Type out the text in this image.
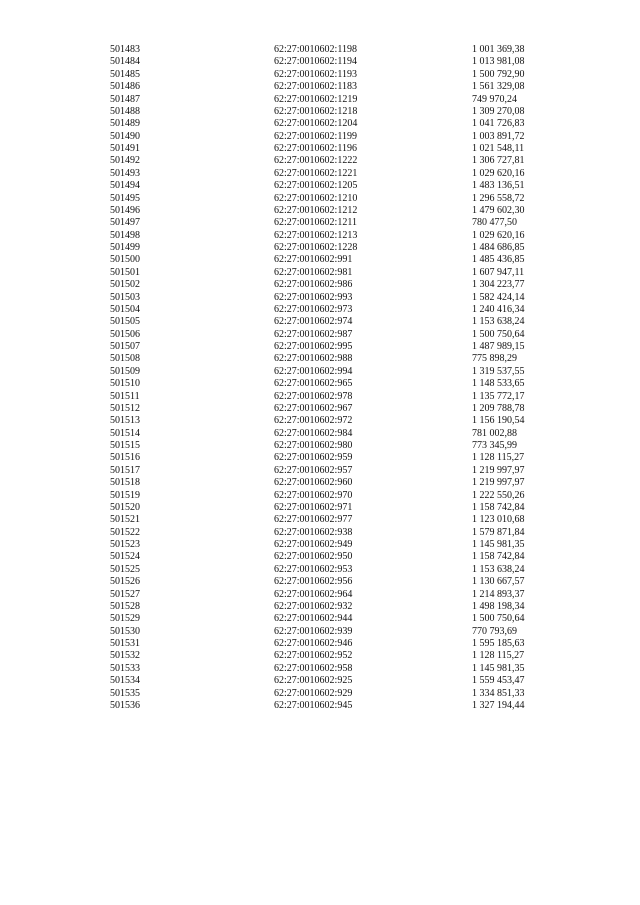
501483	62:27:0010602:1198	1 001 369,38
501484	62:27:0010602:1194	1 013 981,08
501485	62:27:0010602:1193	1 500 792,90
501486	62:27:0010602:1183	1 561 329,08
501487	62:27:0010602:1219	749 970,24
501488	62:27:0010602:1218	1 309 270,08
501489	62:27:0010602:1204	1 041 726,83
501490	62:27:0010602:1199	1 003 891,72
501491	62:27:0010602:1196	1 021 548,11
501492	62:27:0010602:1222	1 306 727,81
501493	62:27:0010602:1221	1 029 620,16
501494	62:27:0010602:1205	1 483 136,51
501495	62:27:0010602:1210	1 296 558,72
501496	62:27:0010602:1212	1 479 602,30
501497	62:27:0010602:1211	780 477,50
501498	62:27:0010602:1213	1 029 620,16
501499	62:27:0010602:1228	1 484 686,85
501500	62:27:0010602:991	1 485 436,85
501501	62:27:0010602:981	1 607 947,11
501502	62:27:0010602:986	1 304 223,77
501503	62:27:0010602:993	1 582 424,14
501504	62:27:0010602:973	1 240 416,34
501505	62:27:0010602:974	1 153 638,24
501506	62:27:0010602:987	1 500 750,64
501507	62:27:0010602:995	1 487 989,15
501508	62:27:0010602:988	775 898,29
501509	62:27:0010602:994	1 319 537,55
501510	62:27:0010602:965	1 148 533,65
501511	62:27:0010602:978	1 135 772,17
501512	62:27:0010602:967	1 209 788,78
501513	62:27:0010602:972	1 156 190,54
501514	62:27:0010602:984	781 002,88
501515	62:27:0010602:980	773 345,99
501516	62:27:0010602:959	1 128 115,27
501517	62:27:0010602:957	1 219 997,97
501518	62:27:0010602:960	1 219 997,97
501519	62:27:0010602:970	1 222 550,26
501520	62:27:0010602:971	1 158 742,84
501521	62:27:0010602:977	1 123 010,68
501522	62:27:0010602:938	1 579 871,84
501523	62:27:0010602:949	1 145 981,35
501524	62:27:0010602:950	1 158 742,84
501525	62:27:0010602:953	1 153 638,24
501526	62:27:0010602:956	1 130 667,57
501527	62:27:0010602:964	1 214 893,37
501528	62:27:0010602:932	1 498 198,34
501529	62:27:0010602:944	1 500 750,64
501530	62:27:0010602:939	770 793,69
501531	62:27:0010602:946	1 595 185,63
501532	62:27:0010602:952	1 128 115,27
501533	62:27:0010602:958	1 145 981,35
501534	62:27:0010602:925	1 559 453,47
501535	62:27:0010602:929	1 334 851,33
501536	62:27:0010602:945	1 327 194,44
